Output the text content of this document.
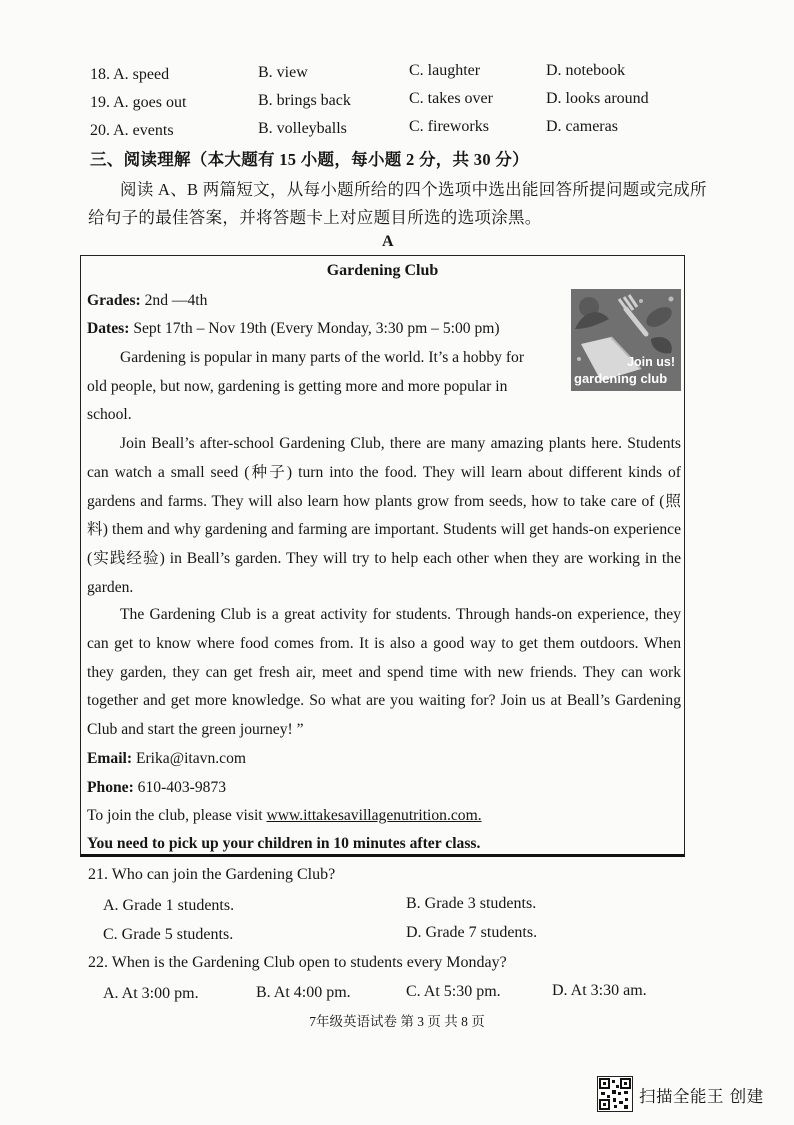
18. A. speed	B. view	C. laughter	D. notebook
19. A. goes out	B. brings back	C. takes over	D. looks around
20. A. events	B. volleyballs	C. fireworks	D. cameras
三、阅读理解（本大题有 15 小题，每小题 2 分，共 30 分）
阅读 A、B 两篇短文，从每小题所给的四个选项中选出能回答所提问题或完成所
给句子的最佳答案，并将答题卡上对应题目所选的选项涂黑。
A
Gardening Club
Grades: 2nd —4th
Dates: Sept 17th – Nov 19th (Every Monday, 3:30 pm – 5:00 pm)
Join us!
gardening club
Gardening is popular in many parts of the world. It’s a hobby for
old people, but now, gardening is getting more and more popular in
school.
Join Beall’s after-school Gardening Club, there are many amazing plants here. Students can watch a small seed (种子) turn into the food. They will learn about different kinds of gardens and farms. They will also learn how plants grow from seeds, how to take care of (照料) them and why gardening and farming are important. Students will get hands-on experience (实践经验) in Beall’s garden. They will try to help each other when they are working in the garden.
The Gardening Club is a great activity for students. Through hands-on experience, they can get to know where food comes from. It is also a good way to get them outdoors. When they garden, they can get fresh air, meet and spend time with new friends. They can work together and get more knowledge. So what are you waiting for? Join us at Beall’s Gardening Club and start the green journey! ”
Email: Erika@itavn.com
Phone: 610-403-9873
To join the club, please visit www.ittakesavillagenutrition.com.
You need to pick up your children in 10 minutes after class.
21. Who can join the Gardening Club?
A. Grade 1 students.	B. Grade 3 students.
C. Grade 5 students.	D. Grade 7 students.
22. When is the Gardening Club open to students every Monday?
A. At 3:00 pm.	B. At 4:00 pm.	C. At 5:30 pm.	D. At 3:30 am.
7年级英语试卷 第 3 页 共 8 页
扫描全能王 创建
